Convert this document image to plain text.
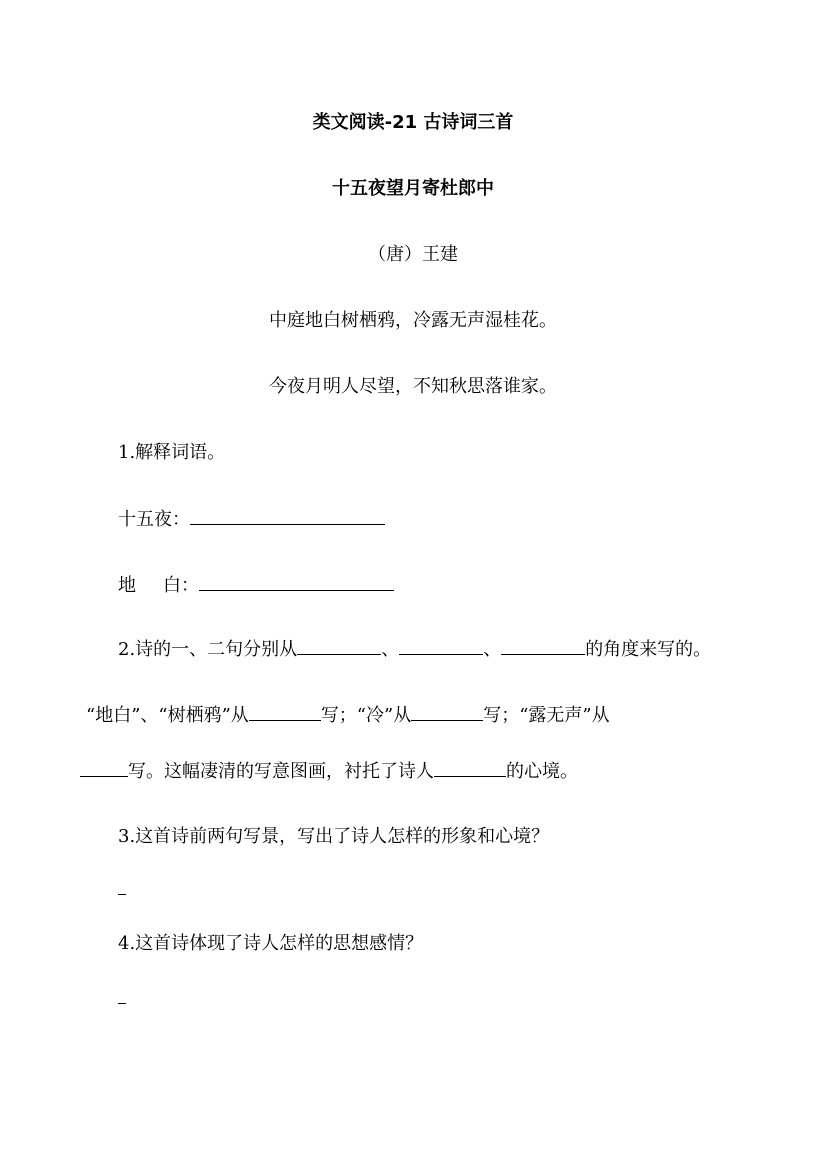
类文阅读-21 古诗词三首
十五夜望月寄杜郎中
（唐）王建
中庭地白树栖鸦，冷露无声湿桂花。
今夜月明人尽望，不知秋思落谁家。
1.解释词语。
十五夜：
地 白：
2.诗的一、二句分别从	、	、	的角度来写的。
“地白”、“树栖鸦”从	写；“冷”从	写；“露无声”从
写。这幅凄清的写意图画，衬托了诗人	的心境。
3.这首诗前两句写景，写出了诗人怎样的形象和心境？
4.这首诗体现了诗人怎样的思想感情？
